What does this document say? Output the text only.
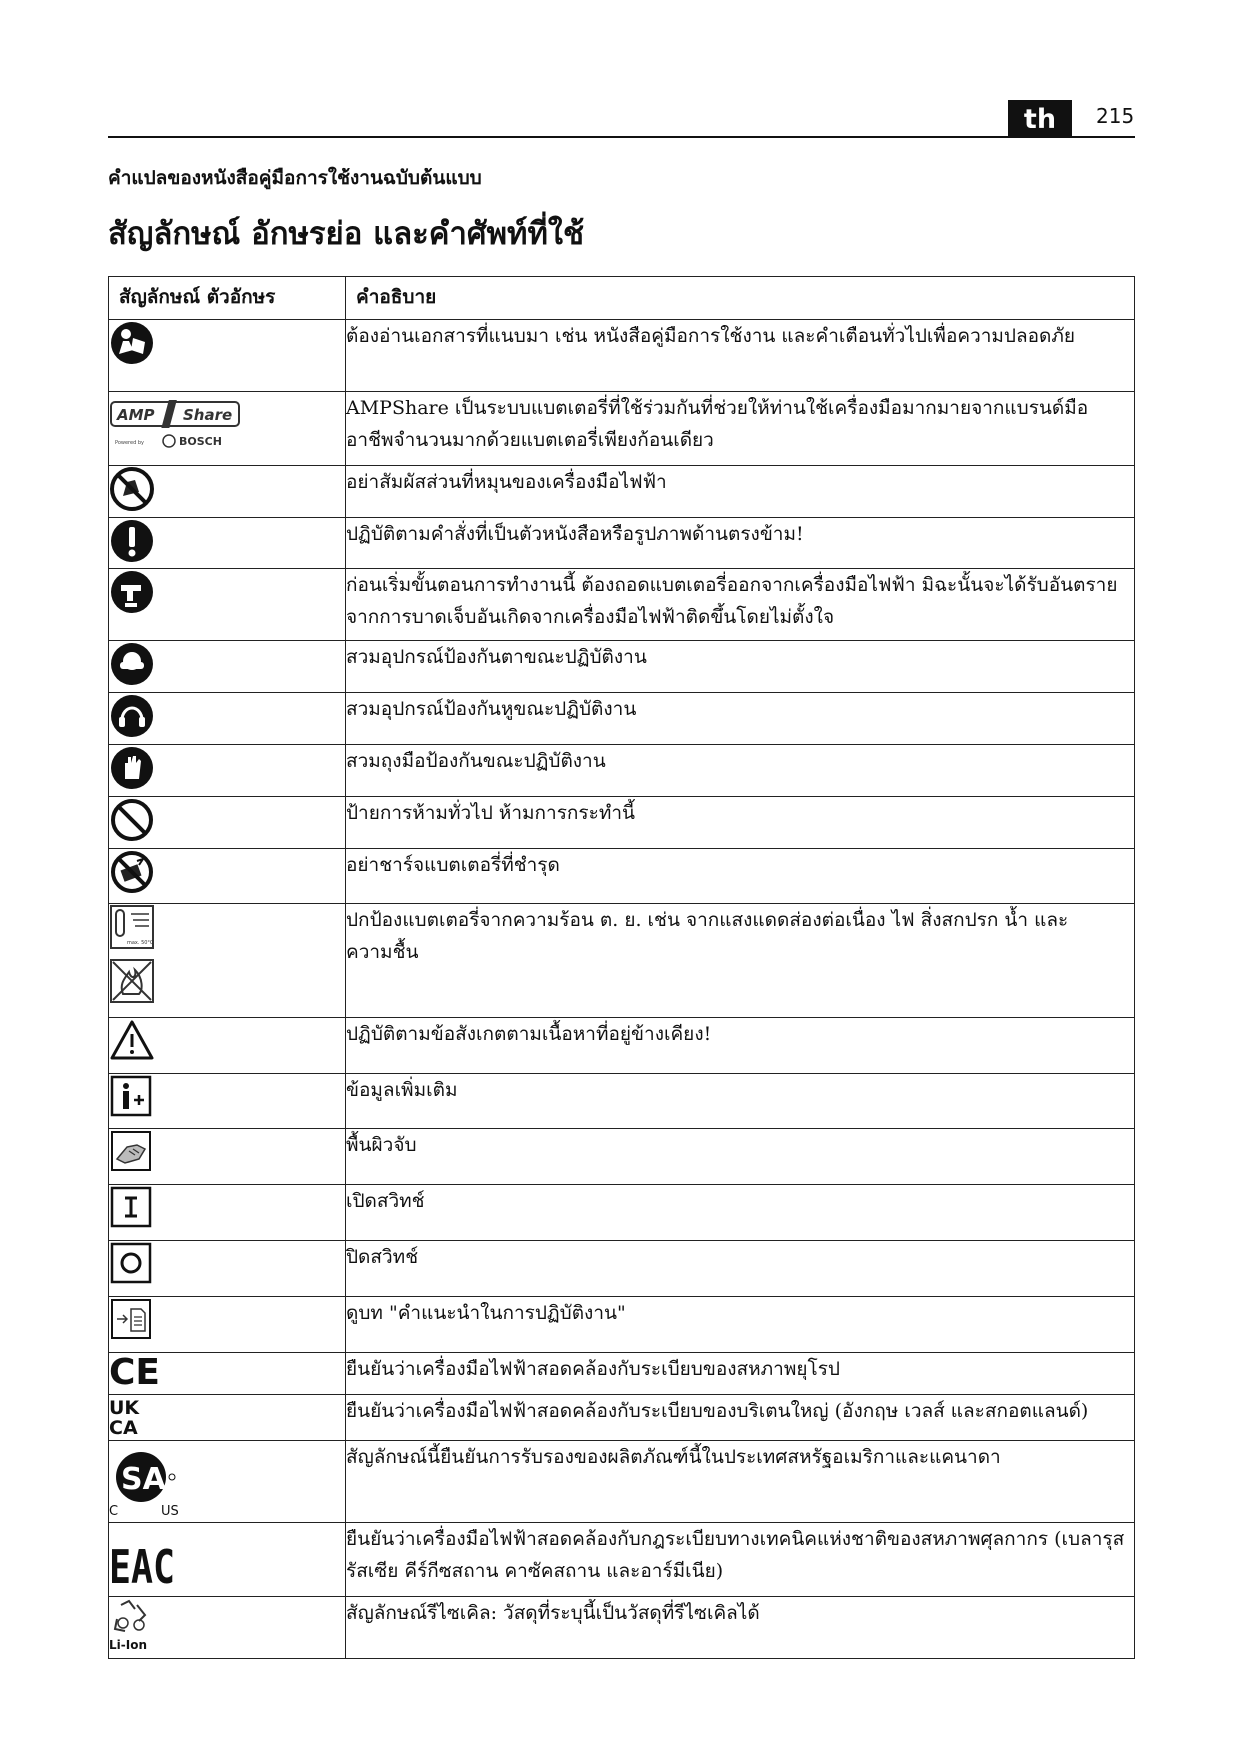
th	215
คำแปลของหนังสือคู่มือการใช้งานฉบับต้นแบบ
สัญลักษณ์ อักษรย่อ และคำศัพท์ที่ใช้
สัญลักษณ์ ตัวอักษร	คำอธิบาย

	ต้องอ่านเอกสารที่แนบมา เช่น หนังสือคู่มือการใช้งาน และคำเตือนทั่วไปเพื่อความปลอดภัย

AMP Share
Powered by BOSCH	AMPShare เป็นระบบแบตเตอรี่ที่ใช้ร่วมกันที่ช่วยให้ท่านใช้เครื่องมือมากมายจากแบรนด์มืออาชีพจำนวนมากด้วยแบตเตอรี่เพียงก้อนเดียว

	อย่าสัมผัสส่วนที่หมุนของเครื่องมือไฟฟ้า

	ปฏิบัติตามคำสั่งที่เป็นตัวหนังสือหรือรูปภาพด้านตรงข้าม!

	ก่อนเริ่มขั้นตอนการทำงานนี้ ต้องถอดแบตเตอรี่ออกจากเครื่องมือไฟฟ้า มิฉะนั้นจะได้รับอันตรายจากการบาดเจ็บอันเกิดจากเครื่องมือไฟฟ้าติดขึ้นโดยไม่ตั้งใจ

	สวมอุปกรณ์ป้องกันตาขณะปฏิบัติงาน

	สวมอุปกรณ์ป้องกันหูขณะปฏิบัติงาน

	สวมถุงมือป้องกันขณะปฏิบัติงาน

	ป้ายการห้ามทั่วไป ห้ามการกระทำนี้

	อย่าชาร์จแบตเตอรี่ที่ชำรุด

max. 50°C	ปกป้องแบตเตอรี่จากความร้อน ต. ย. เช่น จากแสงแดดส่องต่อเนื่อง ไฟ สิ่งสกปรก น้ำ และความชื้น

	ปฏิบัติตามข้อสังเกตตามเนื้อหาที่อยู่ข้างเคียง!

	ข้อมูลเพิ่มเติม

	พื้นผิวจับ

	เปิดสวิทช์

	ปิดสวิทช์

	ดูบท "คำแนะนำในการปฏิบัติงาน"

CE	ยืนยันว่าเครื่องมือไฟฟ้าสอดคล้องกับระเบียบของสหภาพยุโรป

UK
CA	ยืนยันว่าเครื่องมือไฟฟ้าสอดคล้องกับระเบียบของบริเตนใหญ่ (อังกฤษ เวลส์ และสกอตแลนด์)

SA
C US	สัญลักษณ์นี้ยืนยันการรับรองของผลิตภัณฑ์นี้ในประเทศสหรัฐอเมริกาและแคนาดา

EAC	ยืนยันว่าเครื่องมือไฟฟ้าสอดคล้องกับกฎระเบียบทางเทคนิคแห่งชาติของสหภาพศุลกากร (เบลารุส รัสเซีย คีร์กีซสถาน คาซัคสถาน และอาร์มีเนีย)

Li-Ion	สัญลักษณ์รีไซเคิล: วัสดุที่ระบุนี้เป็นวัสดุที่รีไซเคิลได้
